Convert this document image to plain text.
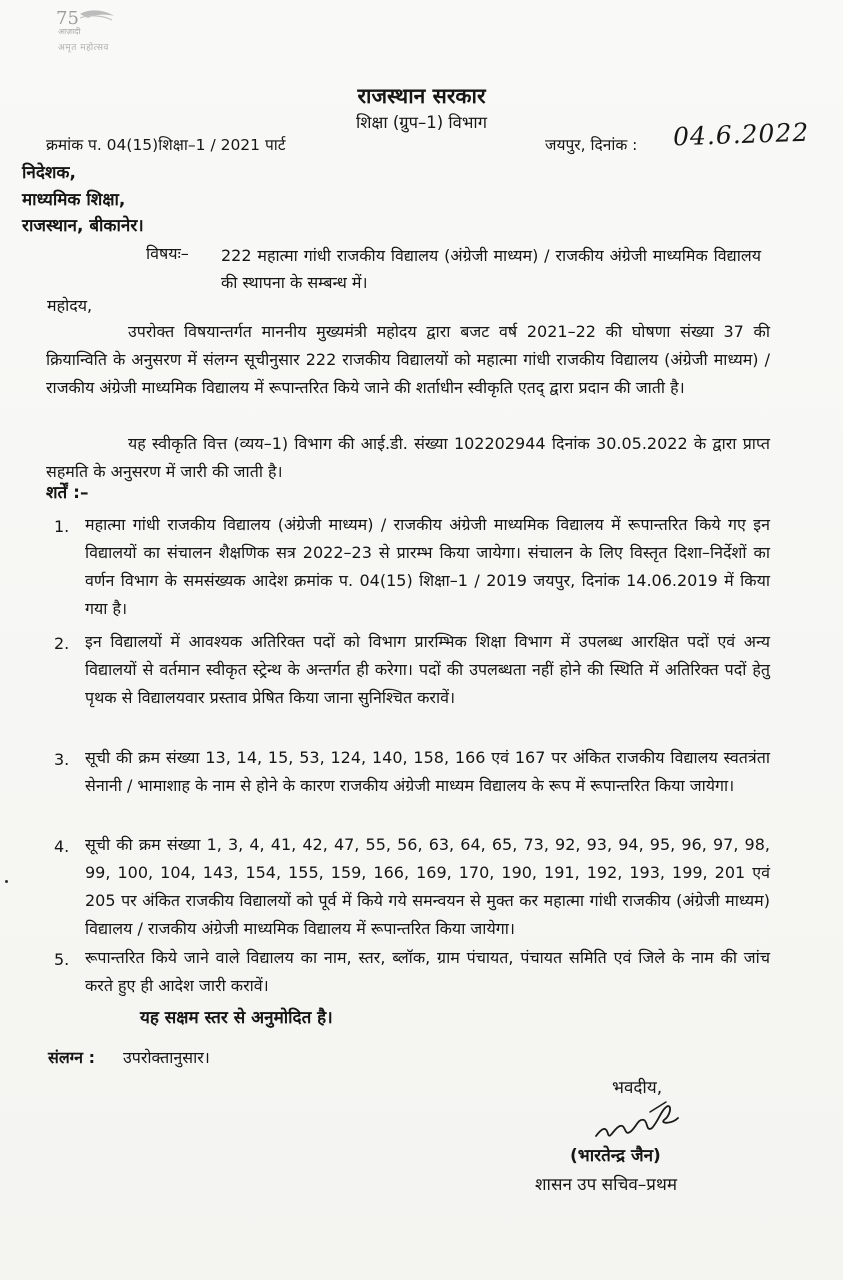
75
आज़ादी
अमृत महोत्सव
राजस्थान सरकार
शिक्षा (ग्रुप–1) विभाग
क्रमांक प. 04(15)शिक्षा–1 / 2021 पार्ट	जयपुर, दिनांक : 04.6.2022
निदेशक,
माध्यमिक शिक्षा,
राजस्थान, बीकानेर।
विषयः– 222 महात्मा गांधी राजकीय विद्यालय (अंग्रेजी माध्यम) / राजकीय अंग्रेजी माध्यमिक विद्यालय की स्थापना के सम्बन्ध में।
महोदय,
उपरोक्त विषयान्तर्गत माननीय मुख्यमंत्री महोदय द्वारा बजट वर्ष 2021–22 की घोषणा संख्या 37 की क्रियान्विति के अनुसरण में संलग्न सूचीनुसार 222 राजकीय विद्यालयों को महात्मा गांधी राजकीय विद्यालय (अंग्रेजी माध्यम) / राजकीय अंग्रेजी माध्यमिक विद्यालय में रूपान्तरित किये जाने की शर्ताधीन स्वीकृति एतद् द्वारा प्रदान की जाती है।
यह स्वीकृति वित्त (व्यय–1) विभाग की आई.डी. संख्या 102202944 दिनांक 30.05.2022 के द्वारा प्राप्त सहमति के अनुसरण में जारी की जाती है।
शर्तें :–
1. महात्मा गांधी राजकीय विद्यालय (अंग्रेजी माध्यम) / राजकीय अंग्रेजी माध्यमिक विद्यालय में रूपान्तरित किये गए इन विद्यालयों का संचालन शैक्षणिक सत्र 2022–23 से प्रारम्भ किया जायेगा। संचालन के लिए विस्तृत दिशा–निर्देशों का वर्णन विभाग के समसंख्यक आदेश क्रमांक प. 04(15) शिक्षा–1 / 2019 जयपुर, दिनांक 14.06.2019 में किया गया है।
2. इन विद्यालयों में आवश्यक अतिरिक्त पदों को विभाग प्रारम्भिक शिक्षा विभाग में उपलब्ध आरक्षित पदों एवं अन्य विद्यालयों से वर्तमान स्वीकृत स्ट्रेन्थ के अन्तर्गत ही करेगा। पदों की उपलब्धता नहीं होने की स्थिति में अतिरिक्त पदों हेतु पृथक से विद्यालयवार प्रस्ताव प्रेषित किया जाना सुनिश्चित करावें।
3. सूची की क्रम संख्या 13, 14, 15, 53, 124, 140, 158, 166 एवं 167 पर अंकित राजकीय विद्यालय स्वतत्रंता सेनानी / भामाशाह के नाम से होने के कारण राजकीय अंग्रेजी माध्यम विद्यालय के रूप में रूपान्तरित किया जायेगा।
4. सूची की क्रम संख्या 1, 3, 4, 41, 42, 47, 55, 56, 63, 64, 65, 73, 92, 93, 94, 95, 96, 97, 98, 99, 100, 104, 143, 154, 155, 159, 166, 169, 170, 190, 191, 192, 193, 199, 201 एवं 205 पर अंकित राजकीय विद्यालयों को पूर्व में किये गये समन्वयन से मुक्त कर महात्मा गांधी राजकीय (अंग्रेजी माध्यम) विद्यालय / राजकीय अंग्रेजी माध्यमिक विद्यालय में रूपान्तरित किया जायेगा।
5. रूपान्तरित किये जाने वाले विद्यालय का नाम, स्तर, ब्लॉक, ग्राम पंचायत, पंचायत समिति एवं जिले के नाम की जांच करते हुए ही आदेश जारी करावें।
यह सक्षम स्तर से अनुमोदित है।
संलग्न : उपरोक्तानुसार।
भवदीय,
(भारतेन्द्र जैन)
शासन उप सचिव–प्रथम
